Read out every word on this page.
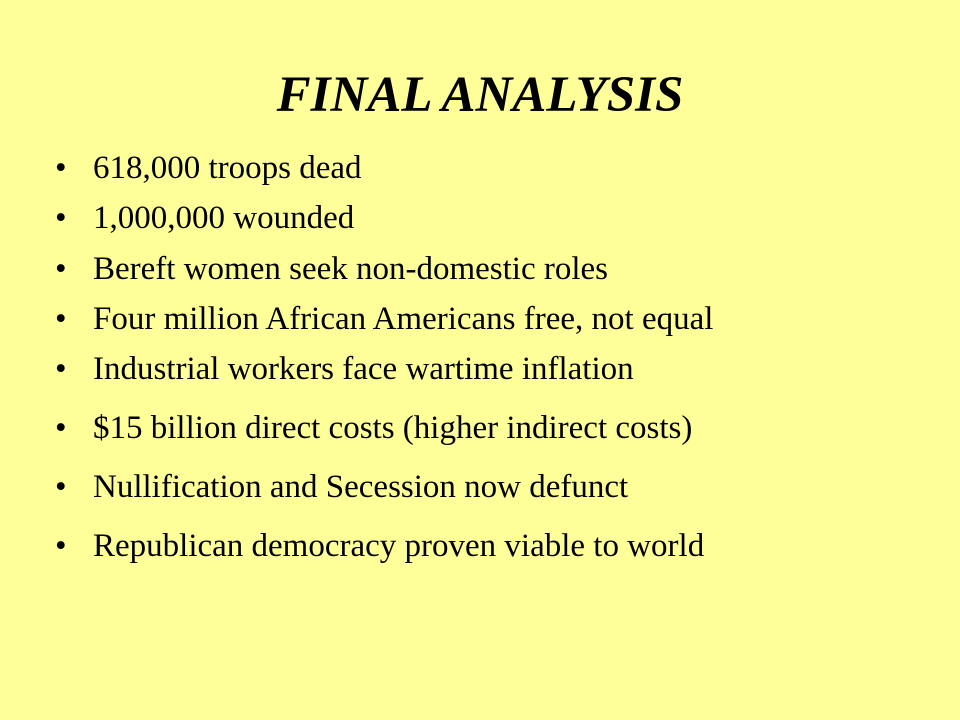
FINAL ANALYSIS
• 618,000 troops dead
• 1,000,000 wounded
• Bereft women seek non-domestic roles
• Four million African Americans free, not equal
• Industrial workers face wartime inflation
• $15 billion direct costs (higher indirect costs)
• Nullification and Secession now defunct
• Republican democracy proven viable to world
